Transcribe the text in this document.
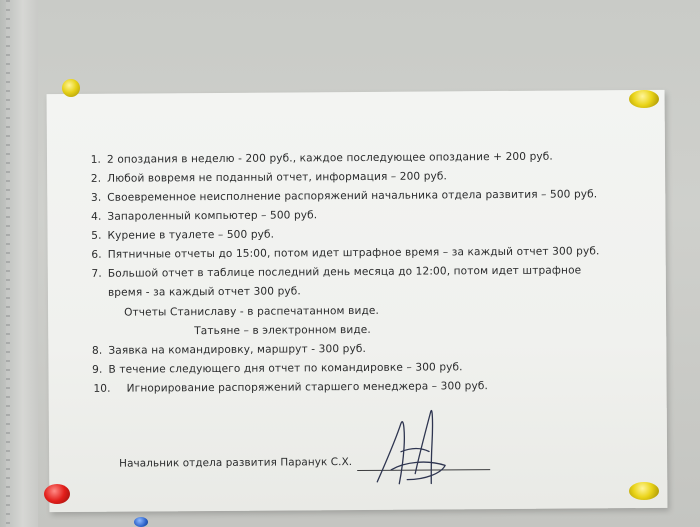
1. 2 опоздания в неделю - 200 руб., каждое последующее опоздание + 200 руб.
2. Любой вовремя не поданный отчет, информация – 200 руб.
3. Своевременное неисполнение распоряжений начальника отдела развития – 500 руб.
4. Запароленный компьютер – 500 руб.
5. Курение в туалете – 500 руб.
6. Пятничные отчеты до 15:00, потом идет штрафное время – за каждый отчет 300 руб.
7. Большой отчет в таблице последний день месяца до 12:00, потом идет штрафное
время - за каждый отчет 300 руб.
Отчеты Станиславу - в распечатанном виде.
Татьяне – в электронном виде.
8. Заявка на командировку, маршрут - 300 руб.
9. В течение следующего дня отчет по командировке – 300 руб.
10. Игнорирование распоряжений старшего менеджера – 300 руб.
Начальник отдела развития Паранук С.Х.
